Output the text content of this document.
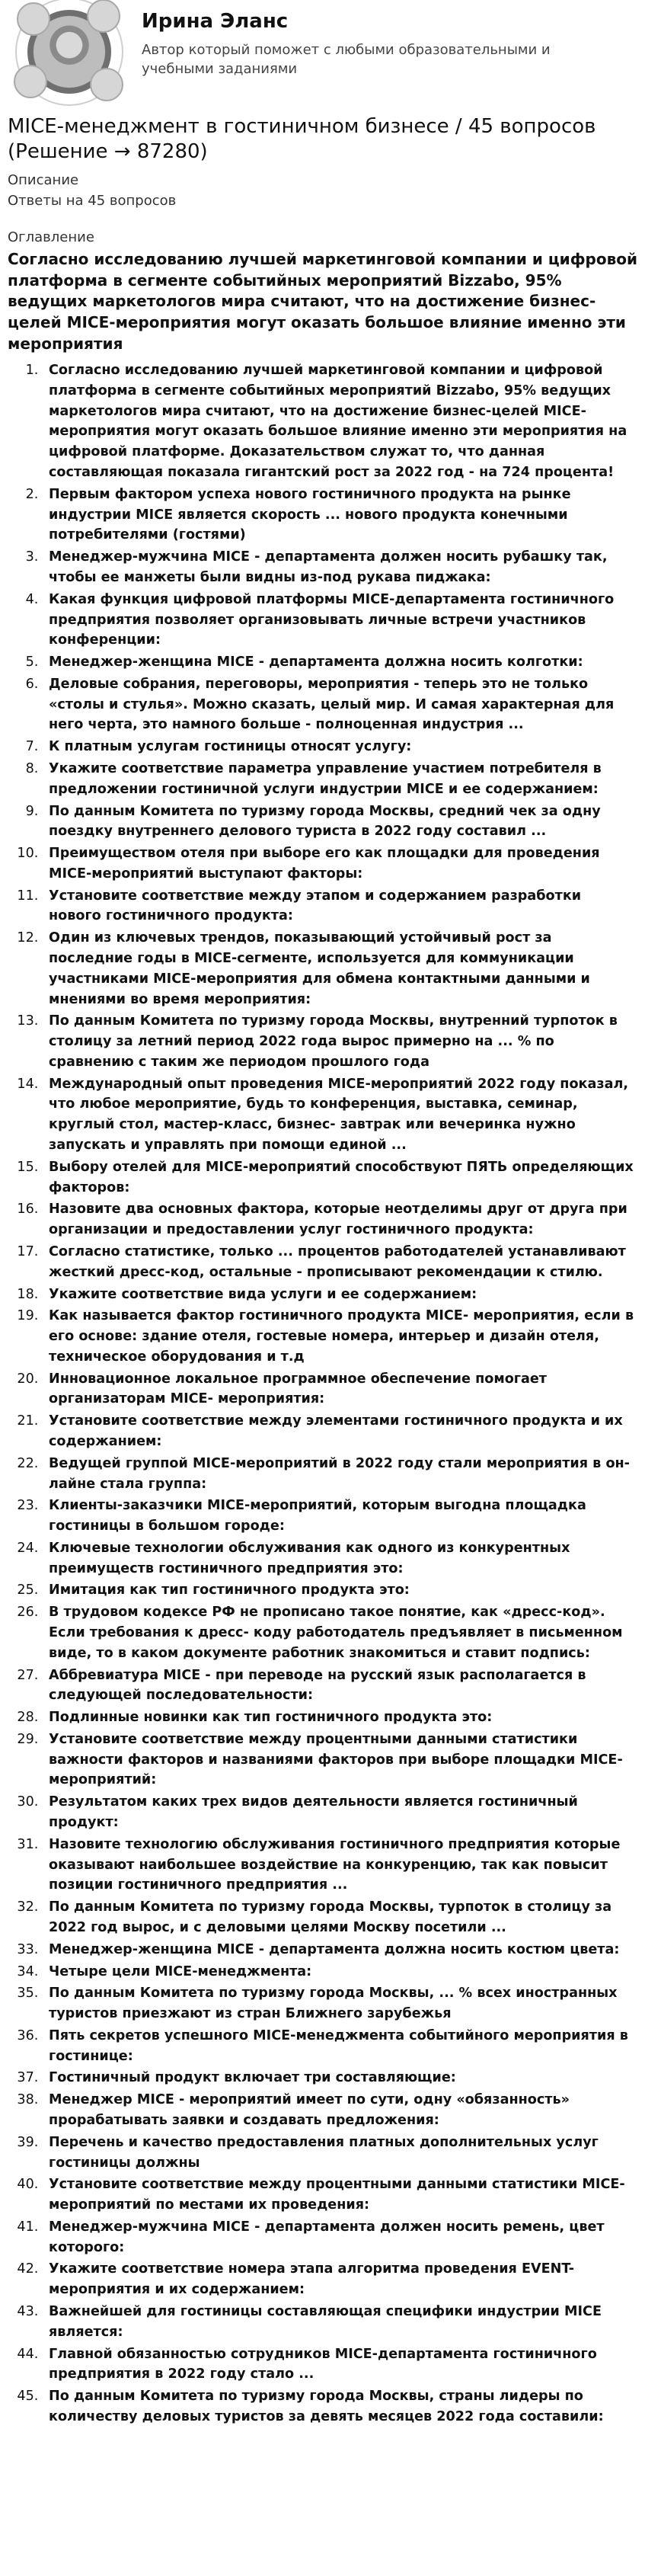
Ирина Эланс

Автор который поможет с любыми образовательными и учебными заданиями

MICE-менеджмент в гостиничном бизнесе / 45 вопросов (Решение → 87280)
Описание
Ответы на 45 вопросов
Оглавление
Согласно исследованию лучшей маркетинговой компании и цифровой платформа в сегменте событийных мероприятий Bizzabo, 95% ведущих маркетологов мира считают, что на достижение бизнес-целей MICE-мероприятия могут оказать большое влияние именно эти мероприятия
1. Согласно исследованию лучшей маркетинговой компании и цифровой платформа в сегменте событийных мероприятий Bizzabo, 95% ведущих маркетологов мира считают, что на достижение бизнес-целей MICE-мероприятия могут оказать большое влияние именно эти мероприятия на цифровой платформе. Доказательством служат то, что данная составляющая показала гигантский рост за 2022 год - на 724 процента!
2. Первым фактором успеха нового гостиничного продукта на рынке индустрии MICE является скорость ... нового продукта конечными потребителями (гостями)
3. Менеджер-мужчина MICE - департамента должен носить рубашку так, чтобы ее манжеты были видны из-под рукава пиджака:
4. Какая функция цифровой платформы MICE-департамента гостиничного предприятия позволяет организовывать личные встречи участников конференции:
5. Менеджер-женщина MICE - департамента должна носить колготки:
6. Деловые собрания, переговоры, мероприятия - теперь это не только «столы и стулья». Можно сказать, целый мир. И самая характерная для него черта, это намного больше - полноценная индустрия ...
7. К платным услугам гостиницы относят услугу:
8. Укажите соответствие параметра управление участием потребителя в предложении гостиничной услуги индустрии MICE и ее содержанием:
9. По данным Комитета по туризму города Москвы, средний чек за одну поездку внутреннего делового туриста в 2022 году составил ...
10. Преимуществом отеля при выборе его как площадки для проведения MICE-мероприятий выступают факторы:
11. Установите соответствие между этапом и содержанием разработки нового гостиничного продукта:
12. Один из ключевых трендов, показывающий устойчивый рост за последние годы в MICE-сегменте, используется для коммуникации участниками MICE-мероприятия для обмена контактными данными и мнениями во время мероприятия:
13. По данным Комитета по туризму города Москвы, внутренний турпоток в столицу за летний период 2022 года вырос примерно на ... % по сравнению с таким же периодом прошлого года
14. Международный опыт проведения MICE-мероприятий 2022 году показал, что любое мероприятие, будь то конференция, выставка, семинар, круглый стол, мастер-класс, бизнес- завтрак или вечеринка нужно запускать и управлять при помощи единой ...
15. Выбору отелей для MICE-мероприятий способствуют ПЯТЬ определяющих факторов:
16. Назовите два основных фактора, которые неотделимы друг от друга при организации и предоставлении услуг гостиничного продукта:
17. Согласно статистике, только ... процентов работодателей устанавливают жесткий дресс-код, остальные - прописывают рекомендации к стилю.
18. Укажите соответствие вида услуги и ее содержанием:
19. Как называется фактор гостиничного продукта MICE- мероприятия, если в его основе: здание отеля, гостевые номера, интерьер и дизайн отеля, техническое оборудования и т.д
20. Инновационное локальное программное обеспечение помогает организаторам MICE- мероприятия:
21. Установите соответствие между элементами гостиничного продукта и их содержанием:
22. Ведущей группой MICE-мероприятий в 2022 году стали мероприятия в он-лайне стала группа:
23. Клиенты-заказчики MICE-мероприятий, которым выгодна площадка гостиницы в большом городе:
24. Ключевые технологии обслуживания как одного из конкурентных преимуществ гостиничного предприятия это:
25. Имитация как тип гостиничного продукта это:
26. В трудовом кодексе РФ не прописано такое понятие, как «дресс-код». Если требования к дресс- коду работодатель предъявляет в письменном виде, то в каком документе работник знакомиться и ставит подпись:
27. Аббревиатура MICE - при переводе на русский язык располагается в следующей последовательности:
28. Подлинные новинки как тип гостиничного продукта это:
29. Установите соответствие между процентными данными статистики важности факторов и названиями факторов при выборе площадки MICE-мероприятий:
30. Результатом каких трех видов деятельности является гостиничный продукт:
31. Назовите технологию обслуживания гостиничного предприятия которые оказывают наибольшее воздействие на конкуренцию, так как повысит позиции гостиничного предприятия ...
32. По данным Комитета по туризму города Москвы, турпоток в столицу за 2022 год вырос, и с деловыми целями Москву посетили ...
33. Менеджер-женщина MICE - департамента должна носить костюм цвета:
34. Четыре цели MICE-менеджмента:
35. По данным Комитета по туризму города Москвы, ... % всех иностранных туристов приезжают из стран Ближнего зарубежья
36. Пять секретов успешного MICE-менеджмента событийного мероприятия в гостинице:
37. Гостиничный продукт включает три составляющие:
38. Менеджер MICE - мероприятий имеет по сути, одну «обязанность» прорабатывать заявки и создавать предложения:
39. Перечень и качество предоставления платных дополнительных услуг гостиницы должны
40. Установите соответствие между процентными данными статистики MICE-мероприятий по местами их проведения:
41. Менеджер-мужчина MICE - департамента должен носить ремень, цвет которого:
42. Укажите соответствие номера этапа алгоритма проведения EVENT-мероприятия и их содержанием:
43. Важнейшей для гостиницы составляющая специфики индустрии MICE является:
44. Главной обязанностью сотрудников MICE-департамента гостиничного предприятия в 2022 году стало ...
45. По данным Комитета по туризму города Москвы, страны лидеры по количеству деловых туристов за девять месяцев 2022 года составили:
